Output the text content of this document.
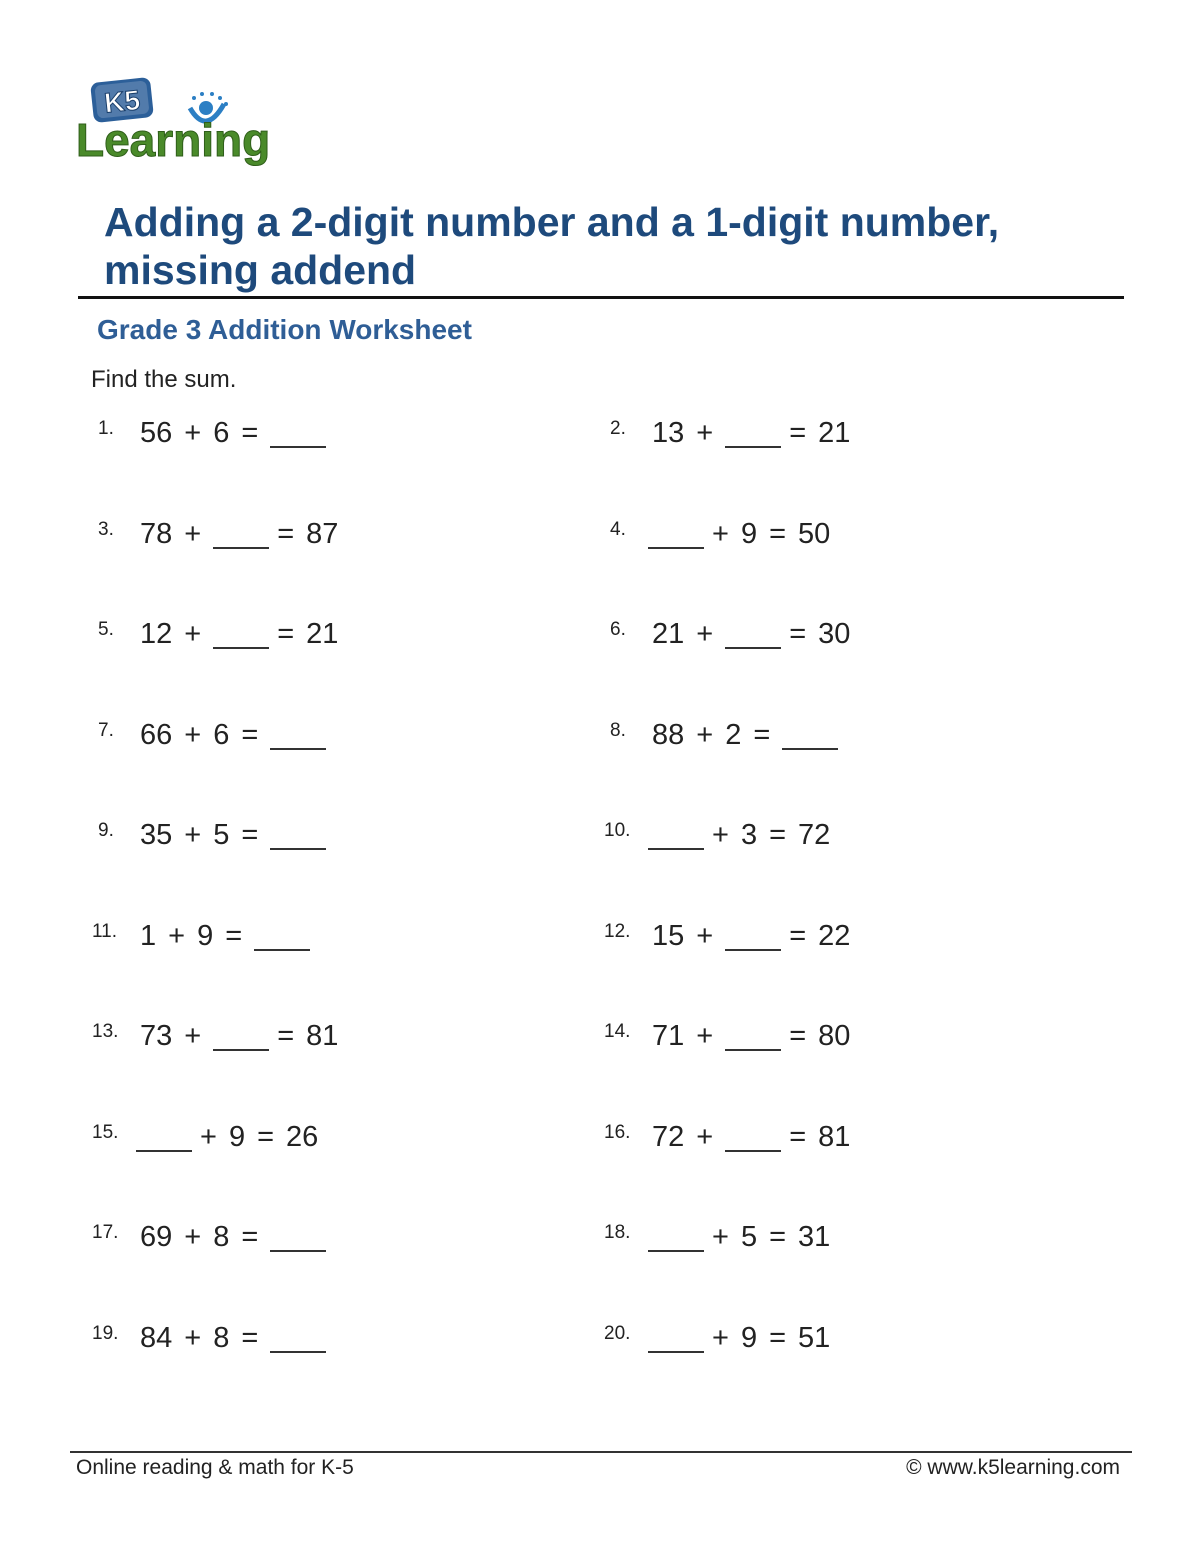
K5
Learning
Adding a 2-digit number and a 1-digit number,
missing addend
Grade 3 Addition Worksheet

Find the sum.

1. 56 + 6 =	2. 13 +	= 21
3. 78 +	= 87	4.	+ 9 = 50
5. 12 +	= 21	6. 21 +	= 30
7. 66 + 6 =	8. 88 + 2 =
9. 35 + 5 =	10.	+ 3 = 72
11. 1 + 9 =	12. 15 +	= 22
13. 73 +	= 81	14. 71 +	= 80
15.	+ 9 = 26	16. 72 +	= 81
17. 69 + 8 =	18.	+ 5 = 31
19. 84 + 8 =	20.	+ 9 = 51
Online reading & math for K-5	© www.k5learning.com
